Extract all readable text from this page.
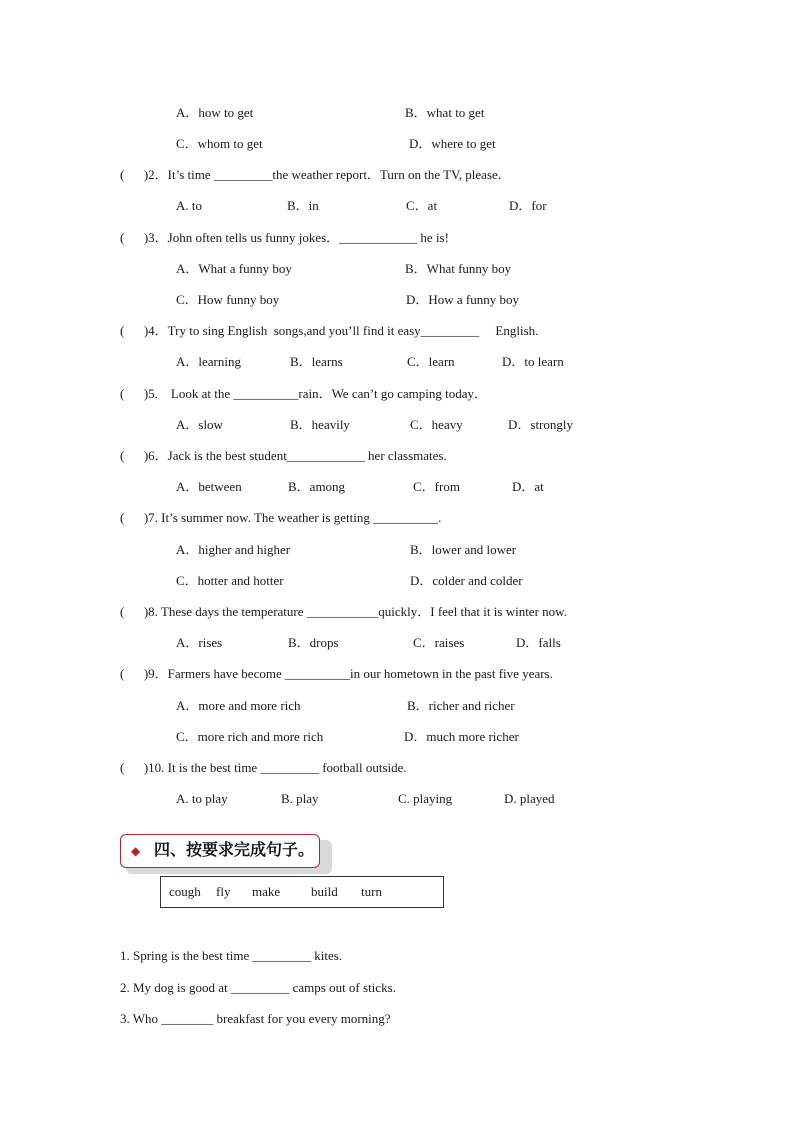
A．how to get	B．what to get
C．whom to get	D．where to get
(      )2．It’s time _________the weather report．Turn on the TV, please．
A. to	B．in	C．at	D．for
(      )3．John often tells us funny jokes．____________ he is!
A．What a funny boy	B．What funny boy
C．How funny boy	D．How a funny boy
(      )4．Try to sing English  songs,and you’ll find it easy_________     English.
A．learning	B．learns	C．learn	D．to learn
(      )5.    Look at the __________rain．We can’t go camping today．
A．slow	B．heavily	C．heavy	D．strongly
(      )6．Jack is the best student____________ her classmates.
A．between	B．among	C．from	D．at
(      )7. It’s summer now. The weather is getting __________.
A．higher and higher	B．lower and lower
C．hotter and hotter	D．colder and colder
(      )8. These days the temperature ___________quickly．I feel that it is winter now.
A．rises	B．drops	C．raises	D．falls
(      )9．Farmers have become __________in our hometown in the past five years.
A．more and more rich	B．richer and richer
C．more rich and more rich	D．much more richer
(      )10. It is the best time _________ football outside.
A. to play	B. play	C. playing	D. played
◆ 四、按要求完成句子。
cough fly make build turn
1. Spring is the best time _________ kites.
2. My dog is good at _________ camps out of sticks.
3. Who ________ breakfast for you every morning?
